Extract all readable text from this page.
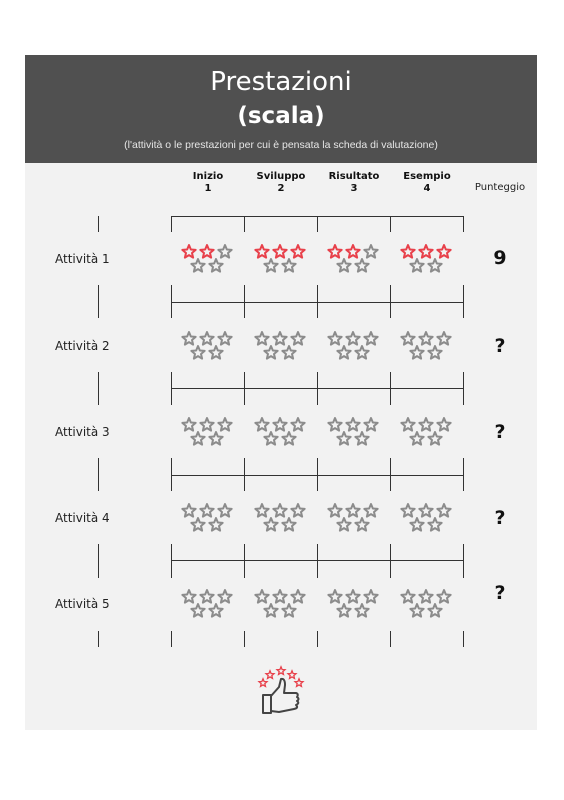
Prestazioni
(scala)
(l'attività o le prestazioni per cui è pensata la scheda di valutazione)
Inizio
1
Sviluppo
2
Risultato
3
Esempio
4	Punteggio
Attività 1
Attività 2
Attività 3
Attività 4
Attività 5
9
?
?
?
?
